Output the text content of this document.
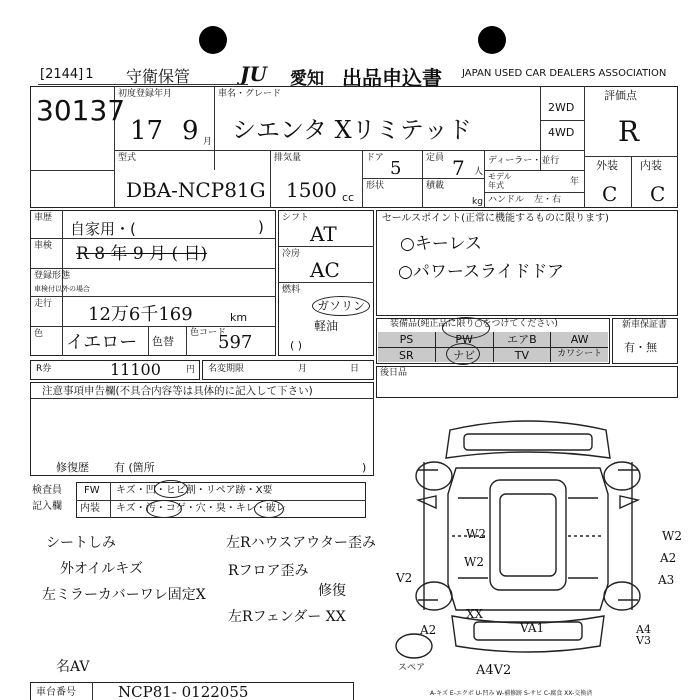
[2144] 1 守衛保管 JU 愛知 出品申込書 JAPAN USED CAR DEALERS ASSOCIATION
30137
初度登録年月
17 9 月
車名・グレード
シエンタ Xリミテッド
2WD
4WD
評価点
R
外装 内装
C C
型式
DBA-NCP81G
排気量
1500 cc
ドア 5	定員 7 人
形状	積載
kg
ディーラー・並行
モデル
年式	年
ハンドル 左・右
車歴
自家用・(	)
車検 R 8 年 9 月 ( 日)
登録形態
車検付以外の場合
走行 12万6千169	km
色 イエロー 色替
色コード
597
シフト
AT
冷房
AC
燃料
ガソリン
軽油
( )
セールスポイント(正常に機能するものに限ります)
○キーレス
○パワースライドドア
装備品(純正品に限り○をつけてください)
PS	PW	エアB	AW
SR	ナビ	TV	カワシート
新車保証書
有・無
R券	11100	円 名変期限	月	日 後日品
注意事項申告欄(不具合内容等は具体的に記入して下さい)
修復歴 有 (箇所	)
検査員
記入欄
FW キズ・凹・ヒビ割・リペア跡・X要
内装 キズ・汚・コゲ・穴・臭・キレ・破レ
シートしみ
外オイルキズ
左ミラーカバーワレ固定X
名AV
左Rハウスアウター歪み
Rフロア歪み
修復
左Rフェンダー XX
W2
W2
W2
A2
V2	A3
XX
A2	VA1	A4 V3
A4V2
スペア
A-キズ E-エクボ U-凹み W-補修跡 S-サビ C-腐食 XX-交換済
車台番号	NCP81- 0122055
